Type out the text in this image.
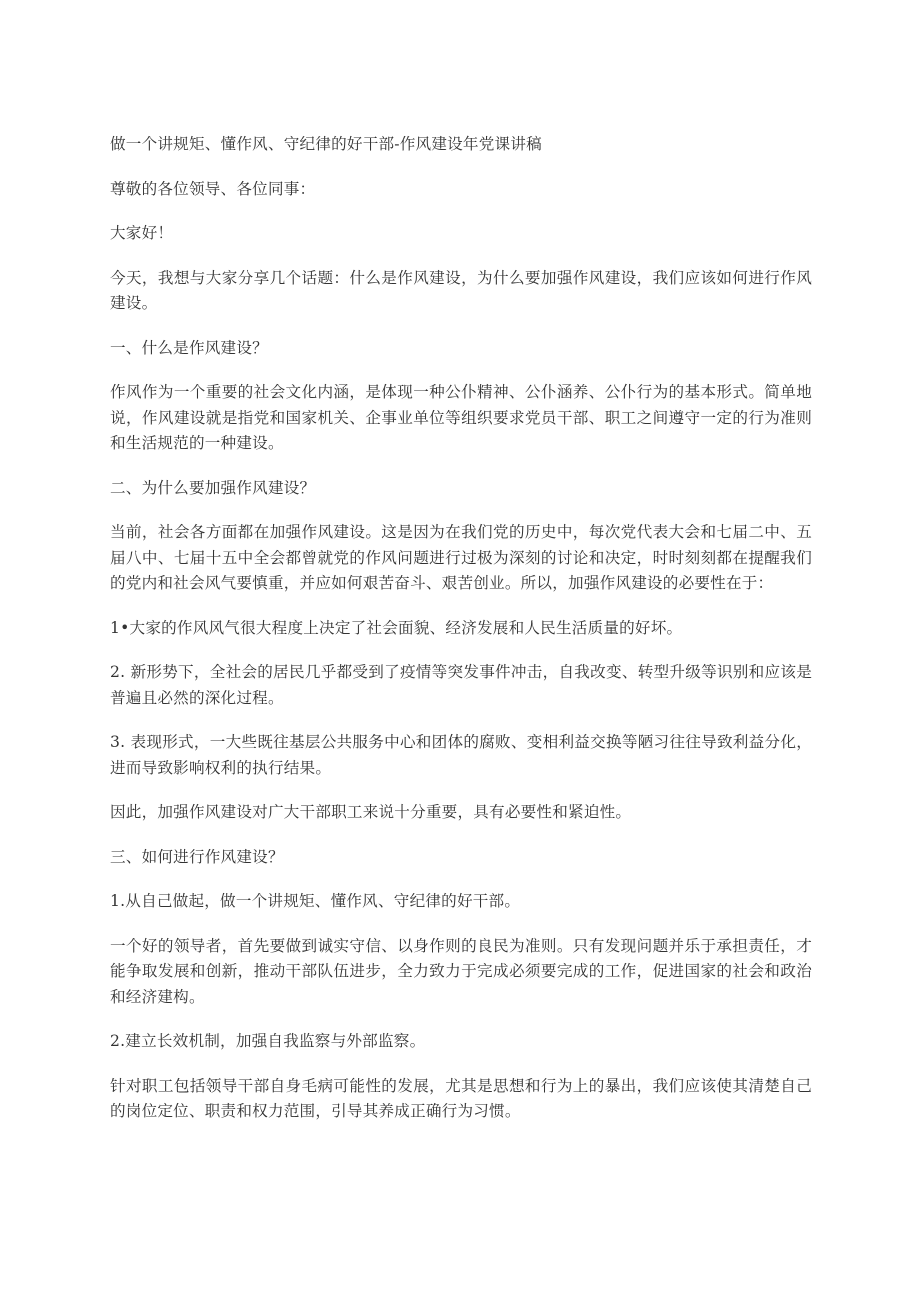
做一个讲规矩、懂作风、守纪律的好干部-作风建设年党课讲稿

尊敬的各位领导、各位同事：

大家好！

今天，我想与大家分享几个话题：什么是作风建设，为什么要加强作风建设，我们应该如何进行作风建设。

一、什么是作风建设？

作风作为一个重要的社会文化内涵，是体现一种公仆精神、公仆涵养、公仆行为的基本形式。简单地说，作风建设就是指党和国家机关、企事业单位等组织要求党员干部、职工之间遵守一定的行为准则和生活规范的一种建设。

二、为什么要加强作风建设？

当前，社会各方面都在加强作风建设。这是因为在我们党的历史中，每次党代表大会和七届二中、五届八中、七届十五中全会都曾就党的作风问题进行过极为深刻的讨论和决定，时时刻刻都在提醒我们的党内和社会风气要慎重，并应如何艰苦奋斗、艰苦创业。所以，加强作风建设的必要性在于：

1•大家的作风风气很大程度上决定了社会面貌、经济发展和人民生活质量的好坏。

2. 新形势下，全社会的居民几乎都受到了疫情等突发事件冲击，自我改变、转型升级等识别和应该是普遍且必然的深化过程。

3. 表现形式，一大些既往基层公共服务中心和团体的腐败、变相利益交换等陋习往往导致利益分化，进而导致影响权利的执行结果。

因此，加强作风建设对广大干部职工来说十分重要，具有必要性和紧迫性。

三、如何进行作风建设？

1.从自己做起，做一个讲规矩、懂作风、守纪律的好干部。

一个好的领导者，首先要做到诚实守信、以身作则的良民为准则。只有发现问题并乐于承担责任，才能争取发展和创新，推动干部队伍进步，全力致力于完成必须要完成的工作，促进国家的社会和政治和经济建构。

2.建立长效机制，加强自我监察与外部监察。

针对职工包括领导干部自身毛病可能性的发展，尤其是思想和行为上的暴出，我们应该使其清楚自己的岗位定位、职责和权力范围，引导其养成正确行为习惯。
